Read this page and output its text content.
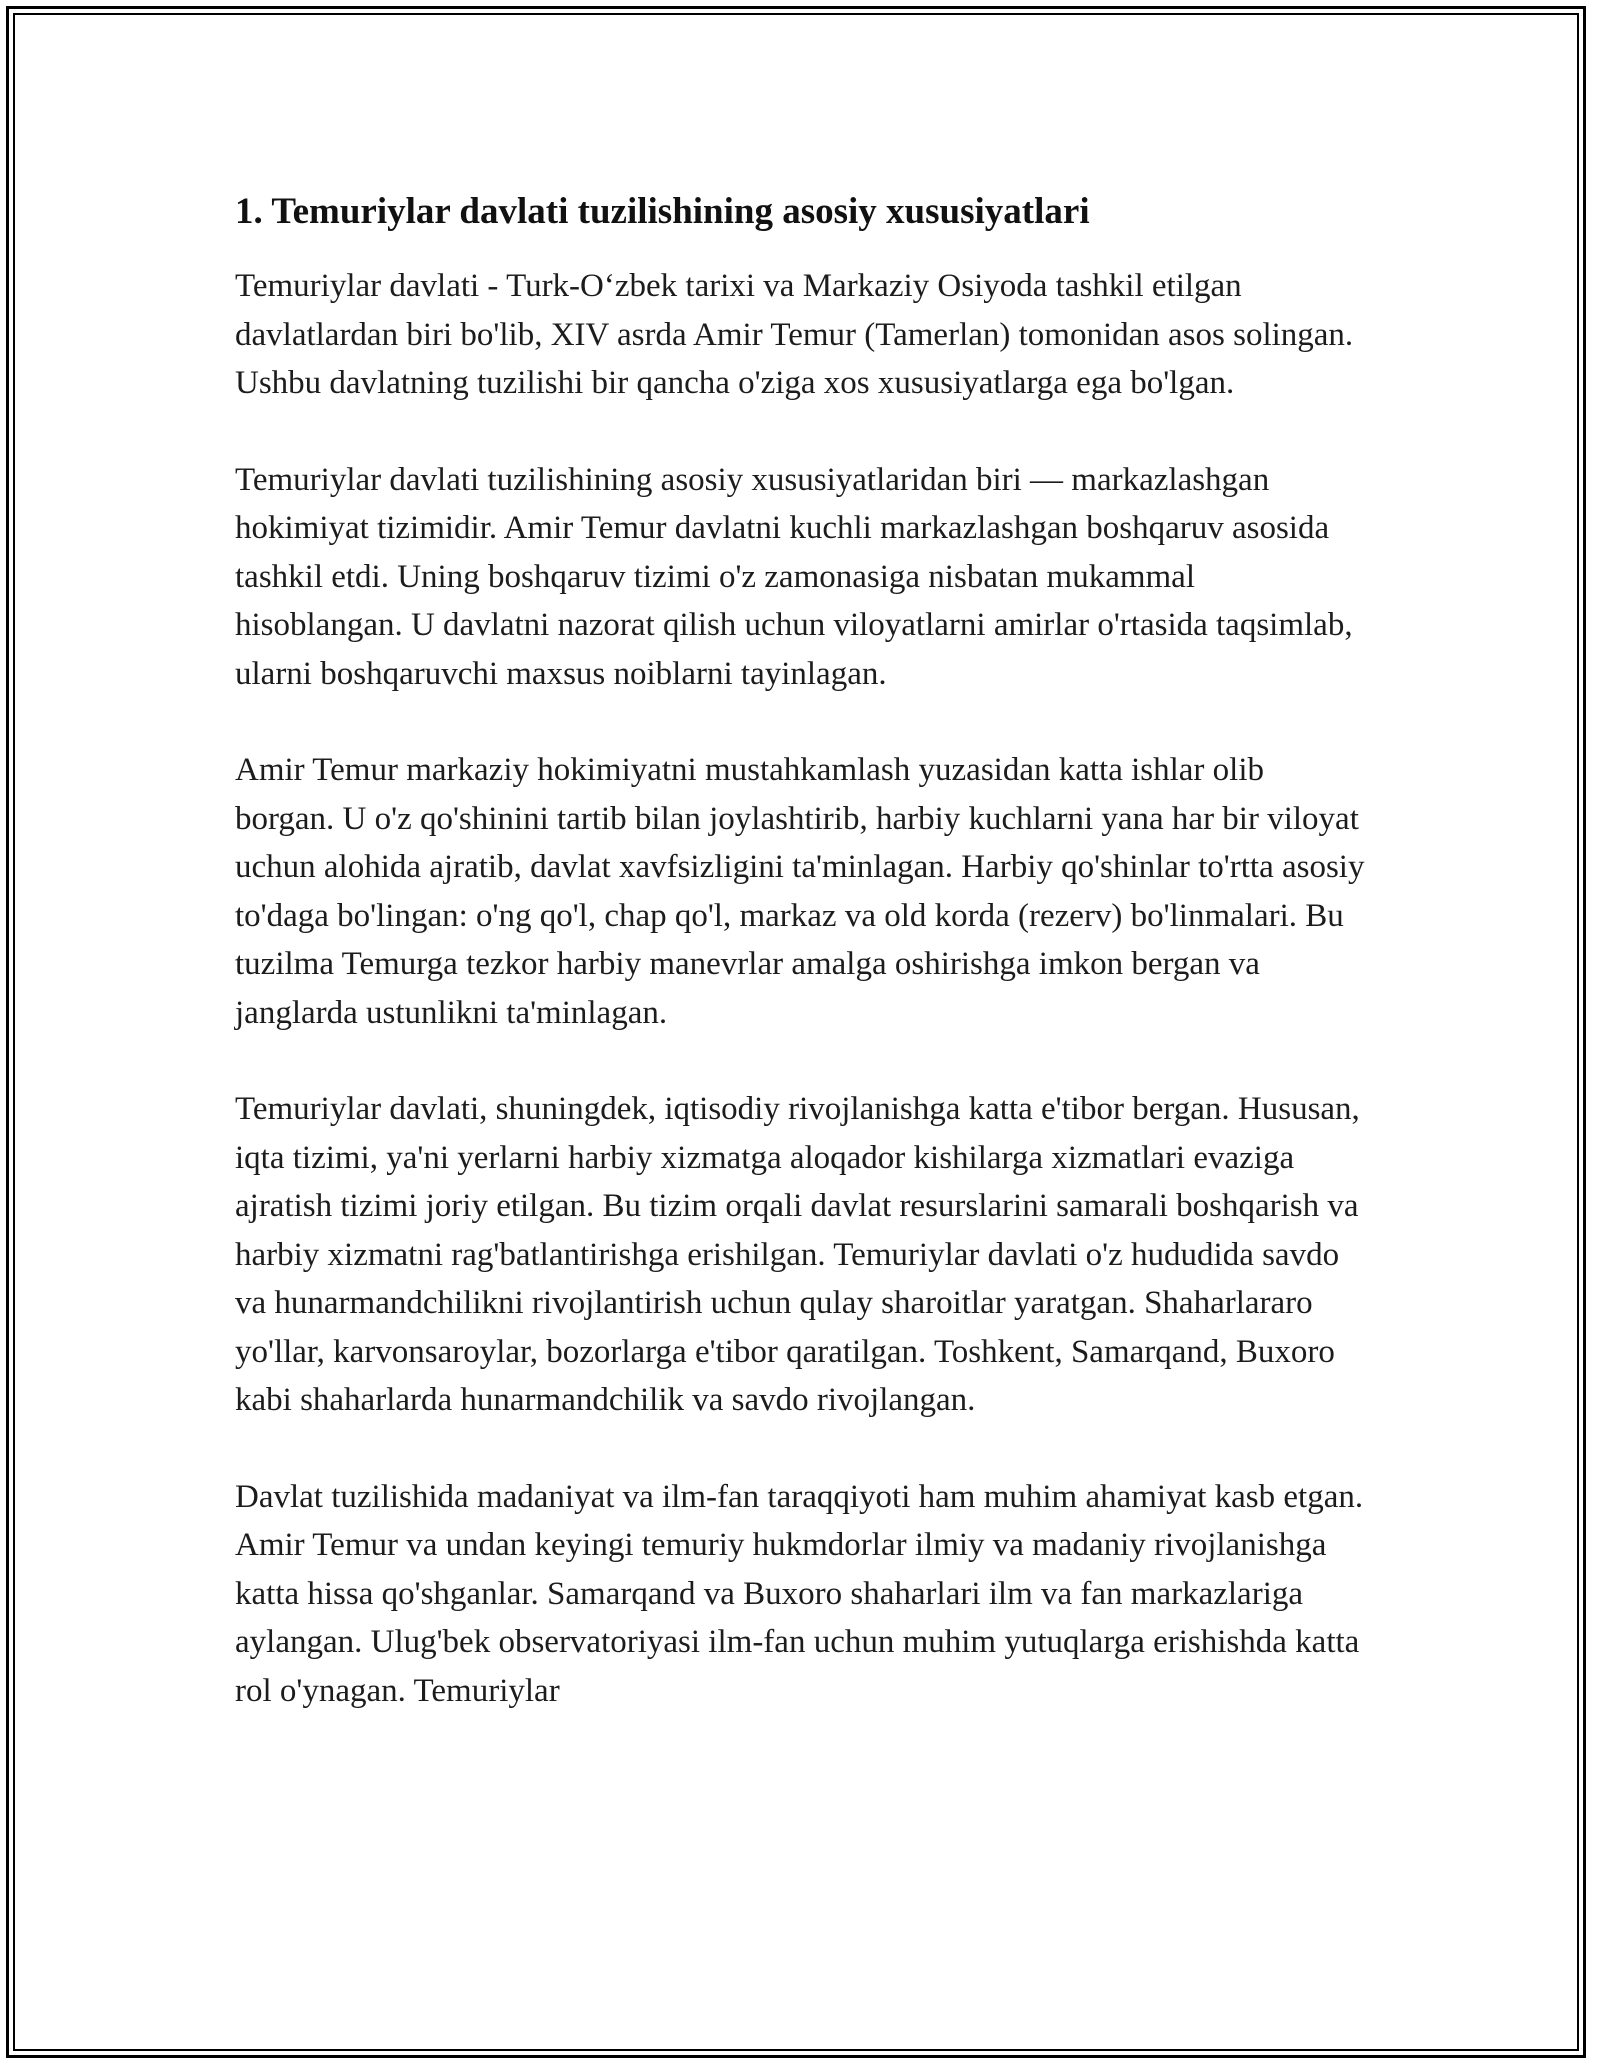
1. Temuriylar davlati tuzilishining asosiy xususiyatlari

Temuriylar davlati - Turk-O‘zbek tarixi va Markaziy Osiyoda tashkil etilgan davlatlardan biri bo'lib, XIV asrda Amir Temur (Tamerlan) tomonidan asos solingan. Ushbu davlatning tuzilishi bir qancha o'ziga xos xususiyatlarga ega bo'lgan.

Temuriylar davlati tuzilishining asosiy xususiyatlaridan biri — markazlashgan hokimiyat tizimidir. Amir Temur davlatni kuchli markazlashgan boshqaruv asosida tashkil etdi. Uning boshqaruv tizimi o'z zamonasiga nisbatan mukammal hisoblangan. U davlatni nazorat qilish uchun viloyatlarni amirlar o'rtasida taqsimlab, ularni boshqaruvchi maxsus noiblarni tayinlagan.

Amir Temur markaziy hokimiyatni mustahkamlash yuzasidan katta ishlar olib borgan. U o'z qo'shinini tartib bilan joylashtirib, harbiy kuchlarni yana har bir viloyat uchun alohida ajratib, davlat xavfsizligini ta'minlagan. Harbiy qo'shinlar to'rtta asosiy to'daga bo'lingan: o'ng qo'l, chap qo'l, markaz va old korda (rezerv) bo'linmalari. Bu tuzilma Temurga tezkor harbiy manevrlar amalga oshirishga imkon bergan va janglarda ustunlikni ta'minlagan.

Temuriylar davlati, shuningdek, iqtisodiy rivojlanishga katta e'tibor bergan. Hususan, iqta tizimi, ya'ni yerlarni harbiy xizmatga aloqador kishilarga xizmatlari evaziga ajratish tizimi joriy etilgan. Bu tizim orqali davlat resurslarini samarali boshqarish va harbiy xizmatni rag'batlantirishga erishilgan. Temuriylar davlati o'z hududida savdo va hunarmandchilikni rivojlantirish uchun qulay sharoitlar yaratgan. Shaharlararo yo'llar, karvonsaroylar, bozorlarga e'tibor qaratilgan. Toshkent, Samarqand, Buxoro kabi shaharlarda hunarmandchilik va savdo rivojlangan.

Davlat tuzilishida madaniyat va ilm-fan taraqqiyoti ham muhim ahamiyat kasb etgan. Amir Temur va undan keyingi temuriy hukmdorlar ilmiy va madaniy rivojlanishga katta hissa qo'shganlar. Samarqand va Buxoro shaharlari ilm va fan markazlariga aylangan. Ulug'bek observatoriyasi ilm-fan uchun muhim yutuqlarga erishishda katta rol o'ynagan. Temuriylar
